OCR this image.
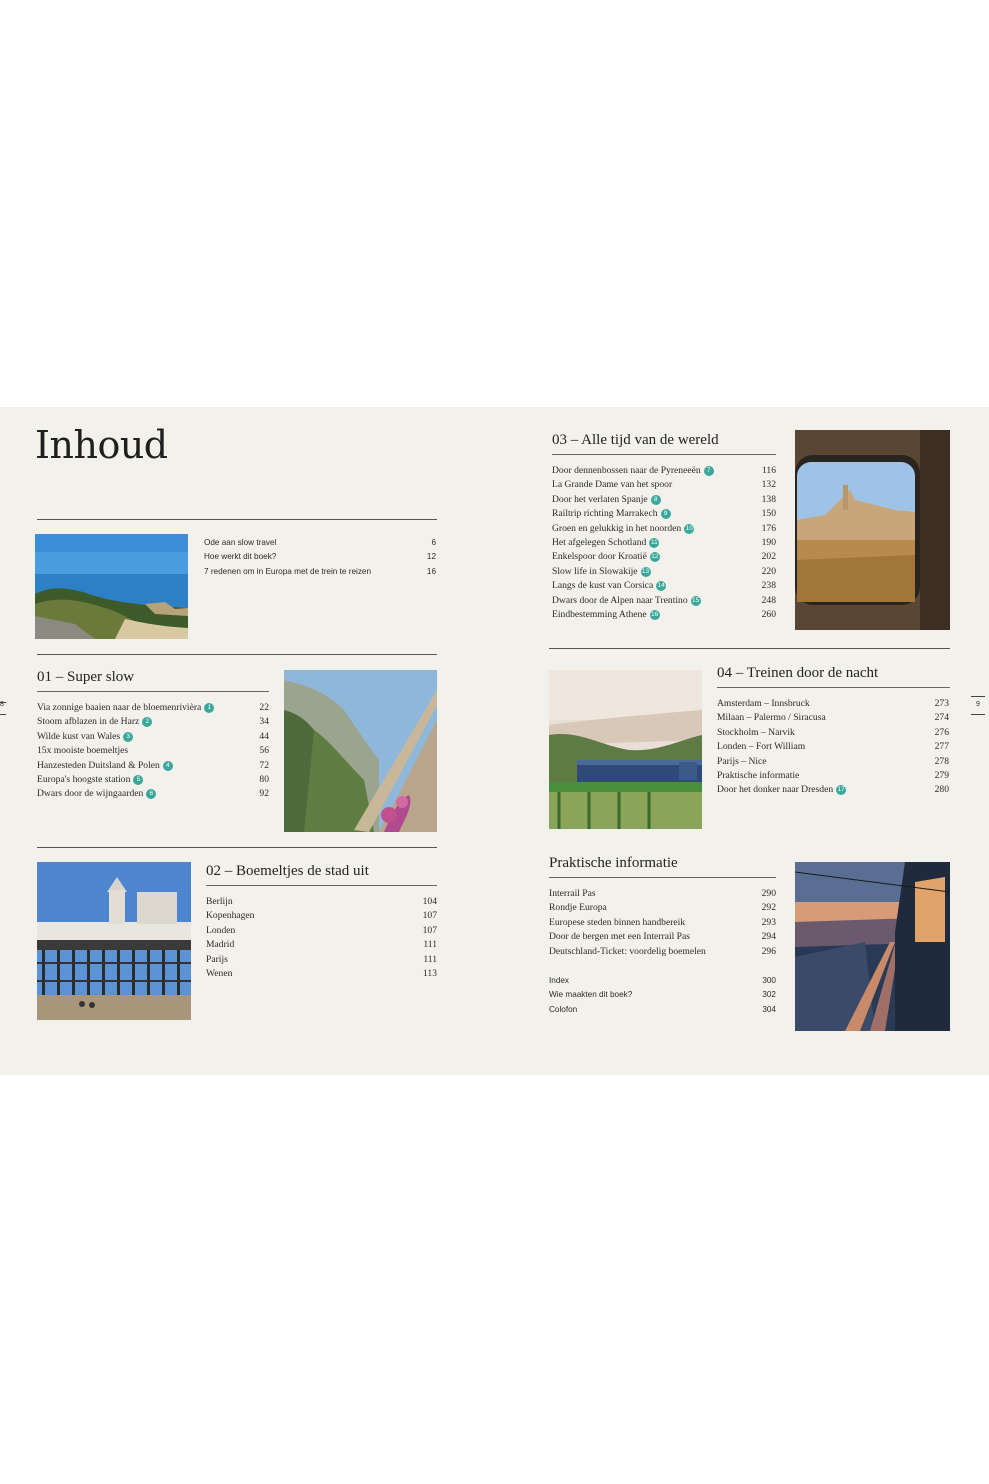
Inhoud
Ode aan slow travel	6
Hoe werkt dit boek?	12
7 redenen om in Europa met de trein te reizen	16
01 – Super slow
Via zonnige baaien naar de bloemenrivièra 1	22
Stoom afblazen in de Harz 2	34
Wilde kust van Wales 3	44
15x mooiste boemeltjes	56
Hanzesteden Duitsland & Polen 4	72
Europa's hoogste station 5	80
Dwars door de wijngaarden 6	92
02 – Boemeltjes de stad uit
Berlijn	104
Kopenhagen	107
Londen	107
Madrid	111
Parijs	111
Wenen	113
8
03 – Alle tijd van de wereld
Door dennenbossen naar de Pyreneeën 7	116
La Grande Dame van het spoor	132
Door het verlaten Spanje 8	138
Railtrip richting Marrakech 9	150
Groen en gelukkig in het noorden 10	176
Het afgelegen Schotland 11	190
Enkelspoor door Kroatië 12	202
Slow life in Slowakije 13	220
Langs de kust van Corsica 14	238
Dwars door de Alpen naar Trentino 15	248
Eindbestemming Athene 16	260
04 – Treinen door de nacht
Amsterdam – Innsbruck	273
Milaan – Palermo / Siracusa	274
Stockholm – Narvik	276
Londen – Fort William	277
Parijs – Nice	278
Praktische informatie	279
Door het donker naar Dresden 17	280
9
Praktische informatie
Interrail Pas	290
Rondje Europa	292
Europese steden binnen handbereik	293
Door de bergen met een Interrail Pas	294
Deutschland-Ticket: voordelig boemelen	296
Index	300
Wie maakten dit boek?	302
Colofon	304
